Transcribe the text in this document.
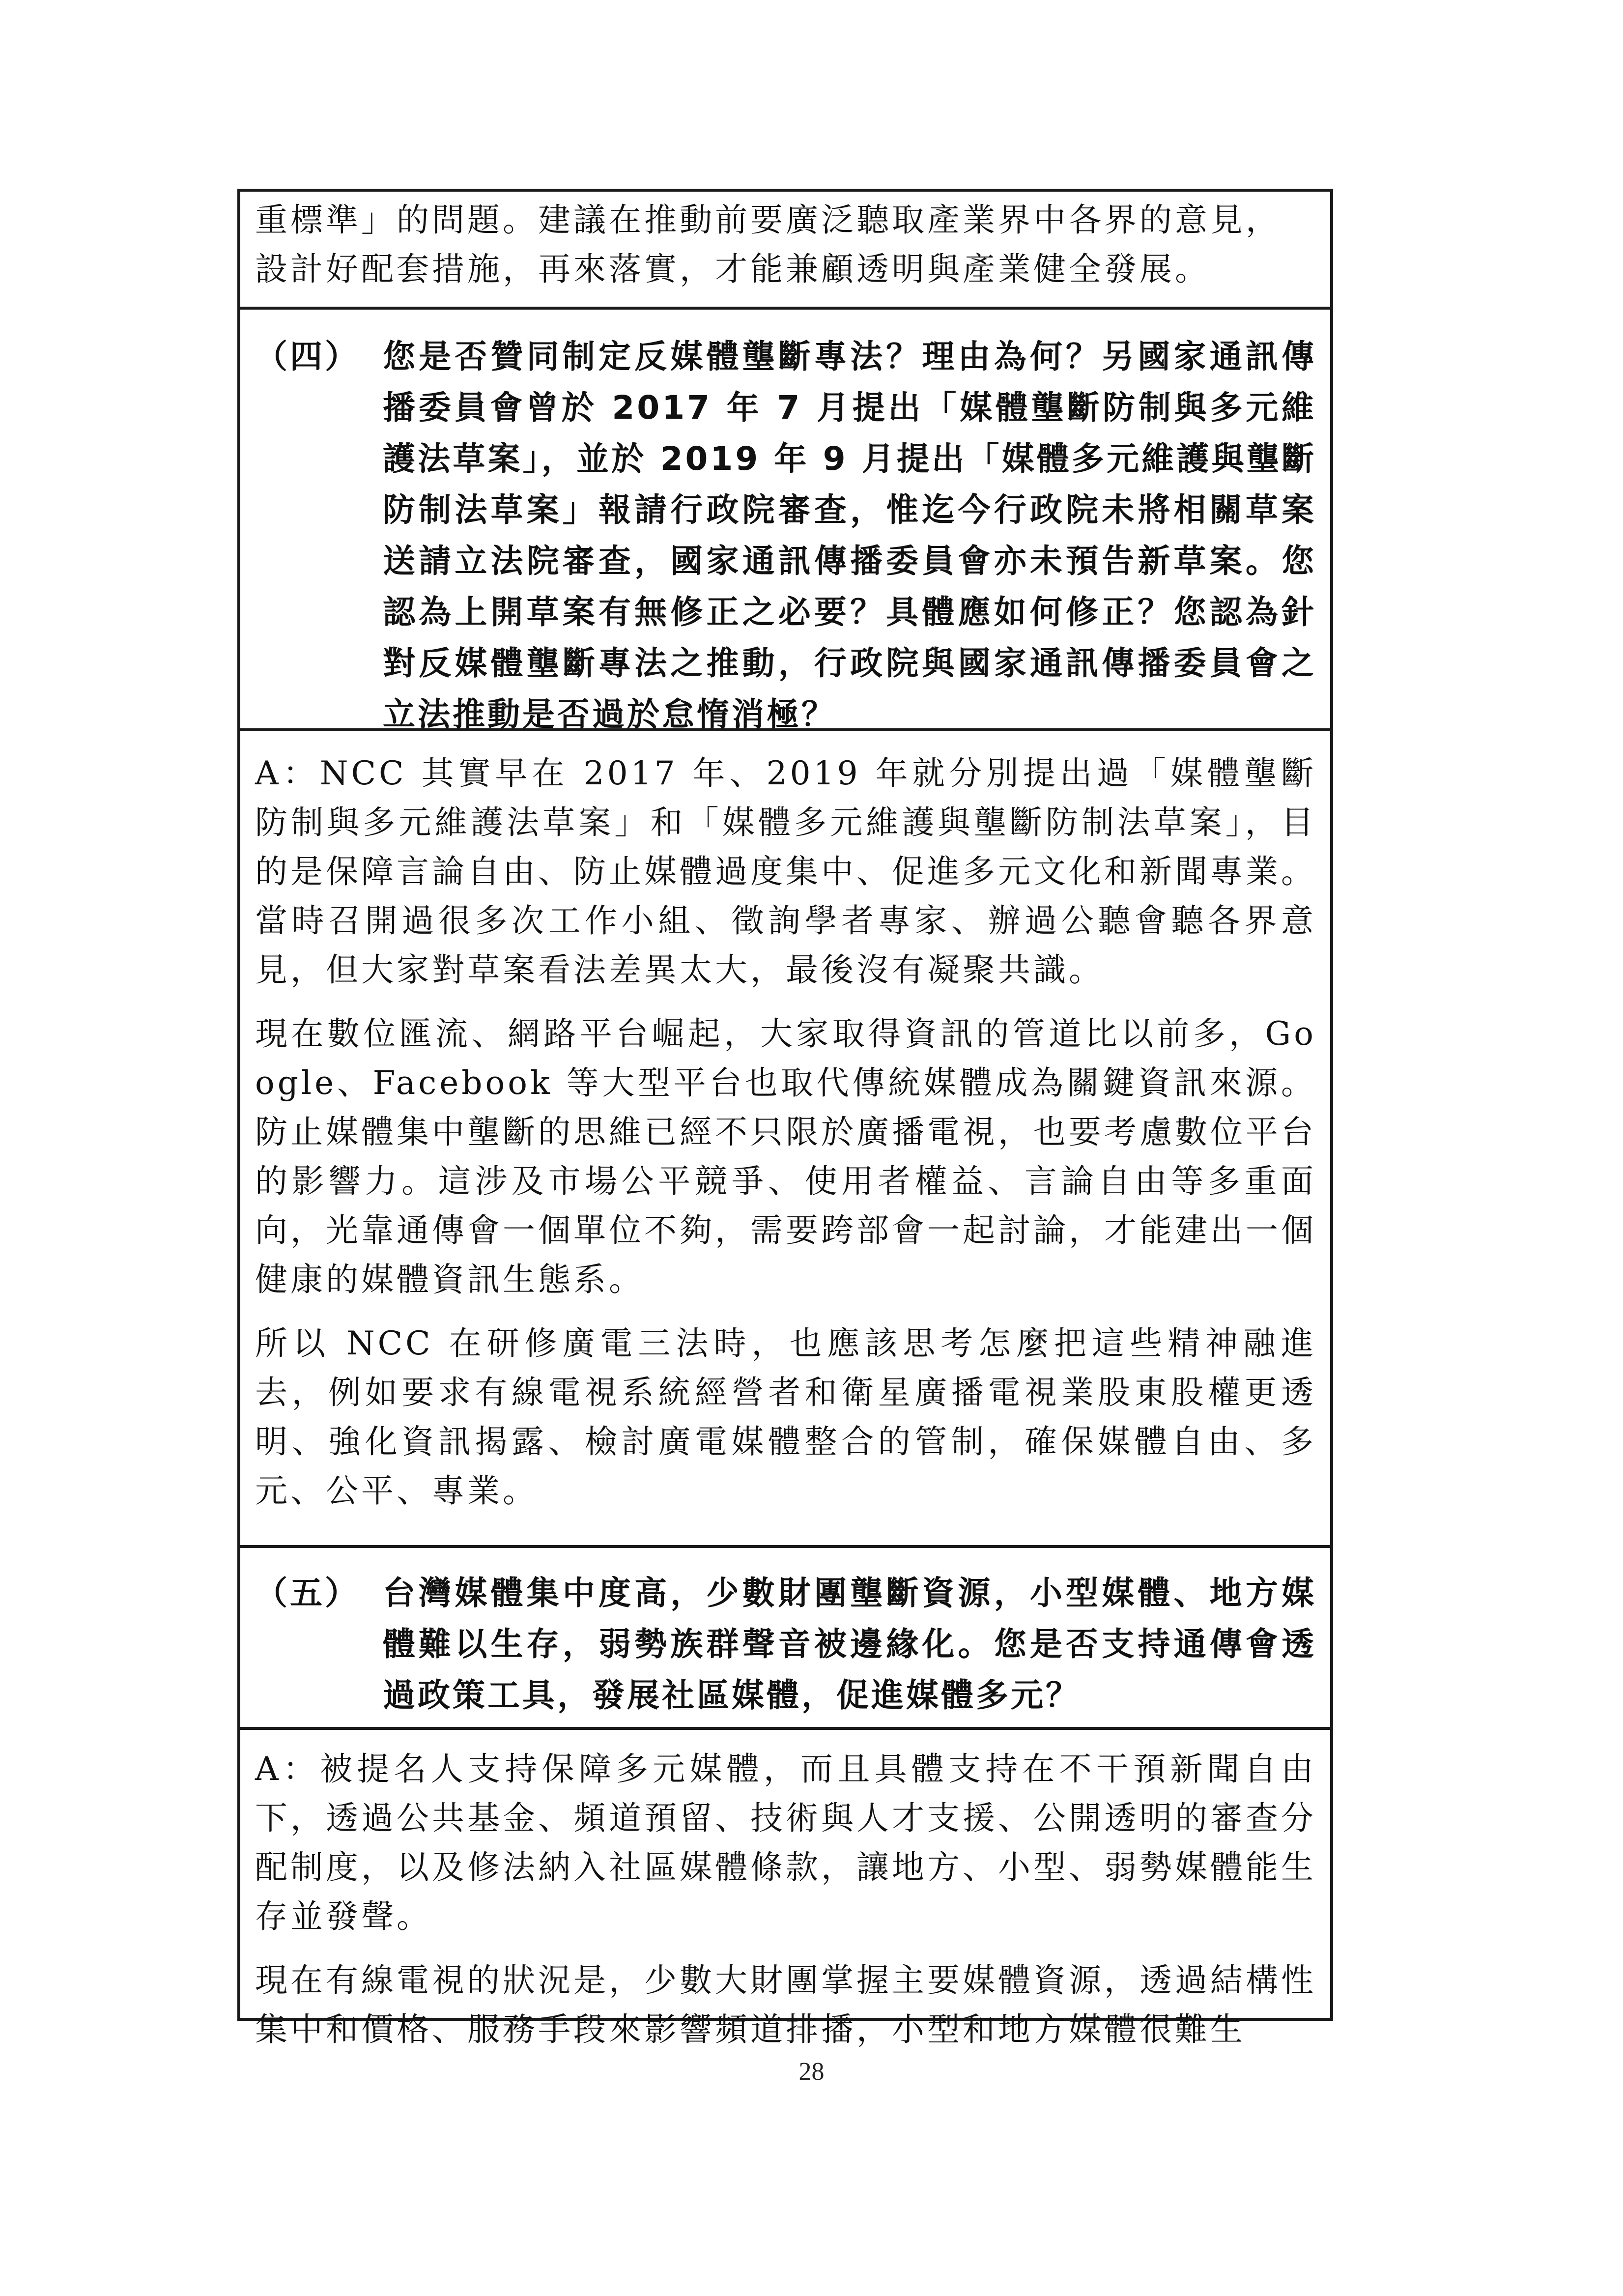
重標準」的問題。建議在推動前要廣泛聽取產業界中各界的意見，

設計好配套措施，再來落實，才能兼顧透明與產業健全發展。

（四） 您是否贊同制定反媒體壟斷專法？理由為何？另國家通訊傳播委員會曾於 2017 年 7 月提出「媒體壟斷防制與多元維護法草案」，並於 2019 年 9 月提出「媒體多元維護與壟斷防制法草案」報請行政院審查，惟迄今行政院未將相關草案送請立法院審查，國家通訊傳播委員會亦未預告新草案。您認為上開草案有無修正之必要？具體應如何修正？您認為針對反媒體壟斷專法之推動，行政院與國家通訊傳播委員會之立法推動是否過於怠惰消極？

A：NCC 其實早在 2017 年、2019 年就分別提出過「媒體壟斷防制與多元維護法草案」和「媒體多元維護與壟斷防制法草案」，目的是保障言論自由、防止媒體過度集中、促進多元文化和新聞專業。當時召開過很多次工作小組、徵詢學者專家、辦過公聽會聽各界意見，但大家對草案看法差異太大，最後沒有凝聚共識。

現在數位匯流、網路平台崛起，大家取得資訊的管道比以前多，Google、Facebook 等大型平台也取代傳統媒體成為關鍵資訊來源。防止媒體集中壟斷的思維已經不只限於廣播電視，也要考慮數位平台的影響力。這涉及市場公平競爭、使用者權益、言論自由等多重面向，光靠通傳會一個單位不夠，需要跨部會一起討論，才能建出一個健康的媒體資訊生態系。

所以 NCC 在研修廣電三法時，也應該思考怎麼把這些精神融進去，例如要求有線電視系統經營者和衛星廣播電視業股東股權更透明、強化資訊揭露、檢討廣電媒體整合的管制，確保媒體自由、多元、公平、專業。

（五） 台灣媒體集中度高，少數財團壟斷資源，小型媒體、地方媒體難以生存，弱勢族群聲音被邊緣化。您是否支持通傳會透過政策工具，發展社區媒體，促進媒體多元？

A：被提名人支持保障多元媒體，而且具體支持在不干預新聞自由下，透過公共基金、頻道預留、技術與人才支援、公開透明的審查分配制度，以及修法納入社區媒體條款，讓地方、小型、弱勢媒體能生存並發聲。

現在有線電視的狀況是，少數大財團掌握主要媒體資源，透過結構性集中和價格、服務手段來影響頻道排播，小型和地方媒體很難生

28
